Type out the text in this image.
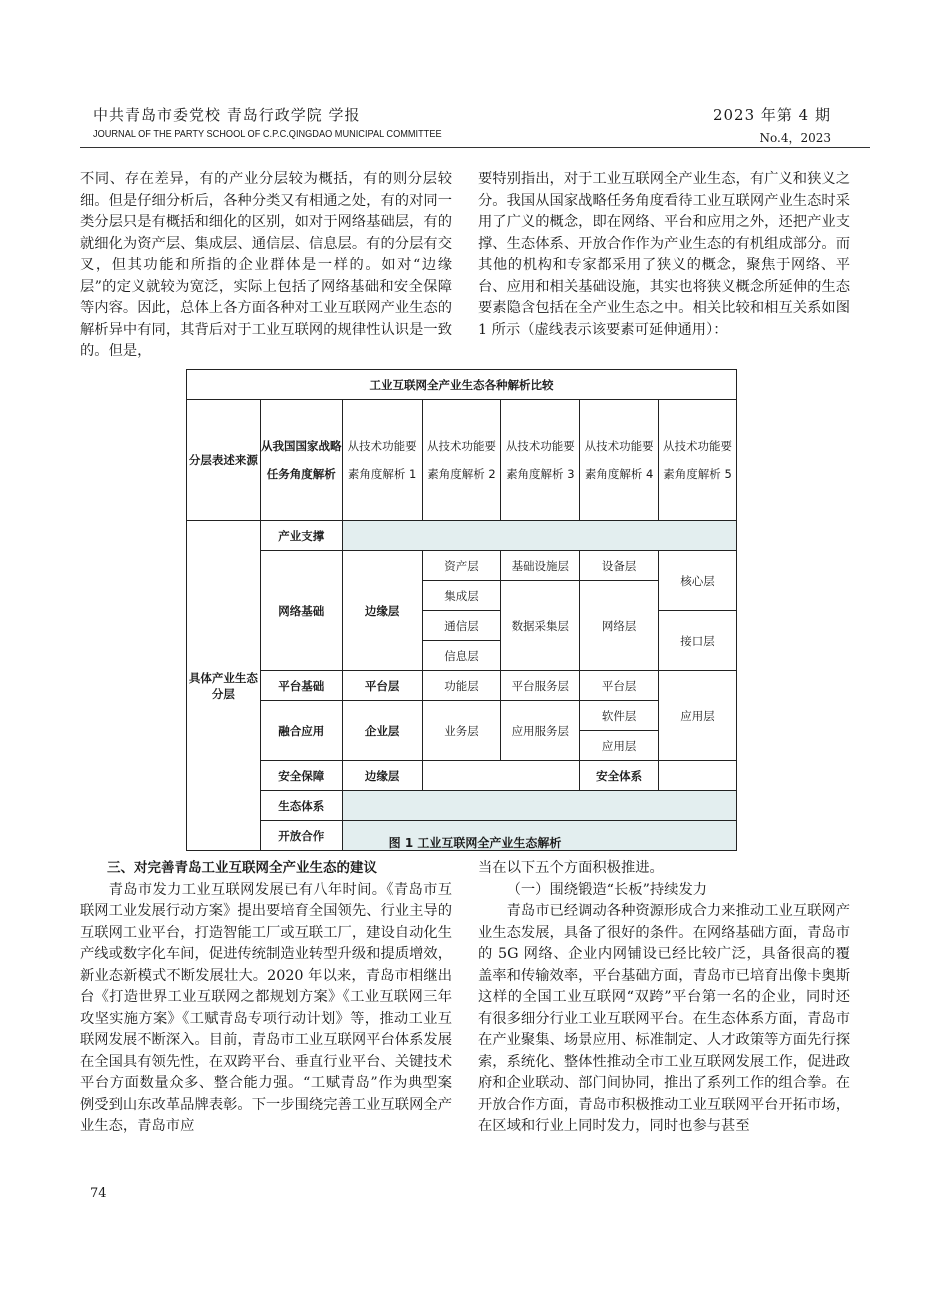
中共青岛市委党校 青岛行政学院 学报	2023 年第 4 期
JOURNAL OF THE PARTY SCHOOL OF C.P.C.QINGDAO MUNICIPAL COMMITTEE	No.4，2023

不同、存在差异，有的产业分层较为概括，有的则分层较细。但是仔细分析后，各种分类又有相通之处，有的对同一类分层只是有概括和细化的区别，如对于网络基础层，有的就细化为资产层、集成层、通信层、信息层。有的分层有交叉，但其功能和所指的企业群体是一样的。如对“边缘层”的定义就较为宽泛，实际上包括了网络基础和安全保障等内容。因此，总体上各方面各种对工业互联网产业生态的解析异中有同，其背后对于工业互联网的规律性认识是一致的。但是，

要特别指出，对于工业互联网全产业生态，有广义和狭义之分。我国从国家战略任务角度看待工业互联网产业生态时采用了广义的概念，即在网络、平台和应用之外，还把产业支撑、生态体系、开放合作作为产业生态的有机组成部分。而其他的机构和专家都采用了狭义的概念，聚焦于网络、平台、应用和相关基础设施，其实也将狭义概念所延伸的生态要素隐含包括在全产业生态之中。相关比较和相互关系如图 1 所示（虚线表示该要素可延伸通用）：

工业互联网全产业生态各种解析比较						
分层表述来源	从我国国家战略任务角度解析	从技术功能要素角度解析 1	从技术功能要素角度解析 2	从技术功能要素角度解析 3	从技术功能要素角度解析 4	从技术功能要素角度解析 5
具体产业生态分层	产业支撑					
	网络基础	边缘层	资产层	基础设施层	设备层	核心层
			集成层	数据采集层	网络层	
			通信层			接口层
			信息层			
	平台基础	平台层	功能层	平台服务层	平台层	应用层
	融合应用	企业层	业务层	应用服务层	软件层	
					应用层	
	安全保障	边缘层			安全体系	
	生态体系					
	开放合作					
图 1 工业互联网全产业生态解析

三、对完善青岛工业互联网全产业生态的建议

青岛市发力工业互联网发展已有八年时间。《青岛市互联网工业发展行动方案》提出要培育全国领先、行业主导的互联网工业平台，打造智能工厂或互联工厂，建设自动化生产线或数字化车间，促进传统制造业转型升级和提质增效，新业态新模式不断发展壮大。2020 年以来，青岛市相继出台《打造世界工业互联网之都规划方案》《工业互联网三年攻坚实施方案》《工赋青岛专项行动计划》等，推动工业互联网发展不断深入。目前，青岛市工业互联网平台体系发展在全国具有领先性，在双跨平台、垂直行业平台、关键技术平台方面数量众多、整合能力强。“工赋青岛”作为典型案例受到山东改革品牌表彰。下一步围绕完善工业互联网全产业生态，青岛市应

当在以下五个方面积极推进。

（一）围绕锻造“长板”持续发力

青岛市已经调动各种资源形成合力来推动工业互联网产业生态发展，具备了很好的条件。在网络基础方面，青岛市的 5G 网络、企业内网铺设已经比较广泛，具备很高的覆盖率和传输效率，平台基础方面，青岛市已培育出像卡奥斯这样的全国工业互联网“双跨”平台第一名的企业，同时还有很多细分行业工业互联网平台。在生态体系方面，青岛市在产业聚集、场景应用、标准制定、人才政策等方面先行探索，系统化、整体性推动全市工业互联网发展工作，促进政府和企业联动、部门间协同，推出了系列工作的组合拳。在开放合作方面，青岛市积极推动工业互联网平台开拓市场，在区域和行业上同时发力，同时也参与甚至

74
